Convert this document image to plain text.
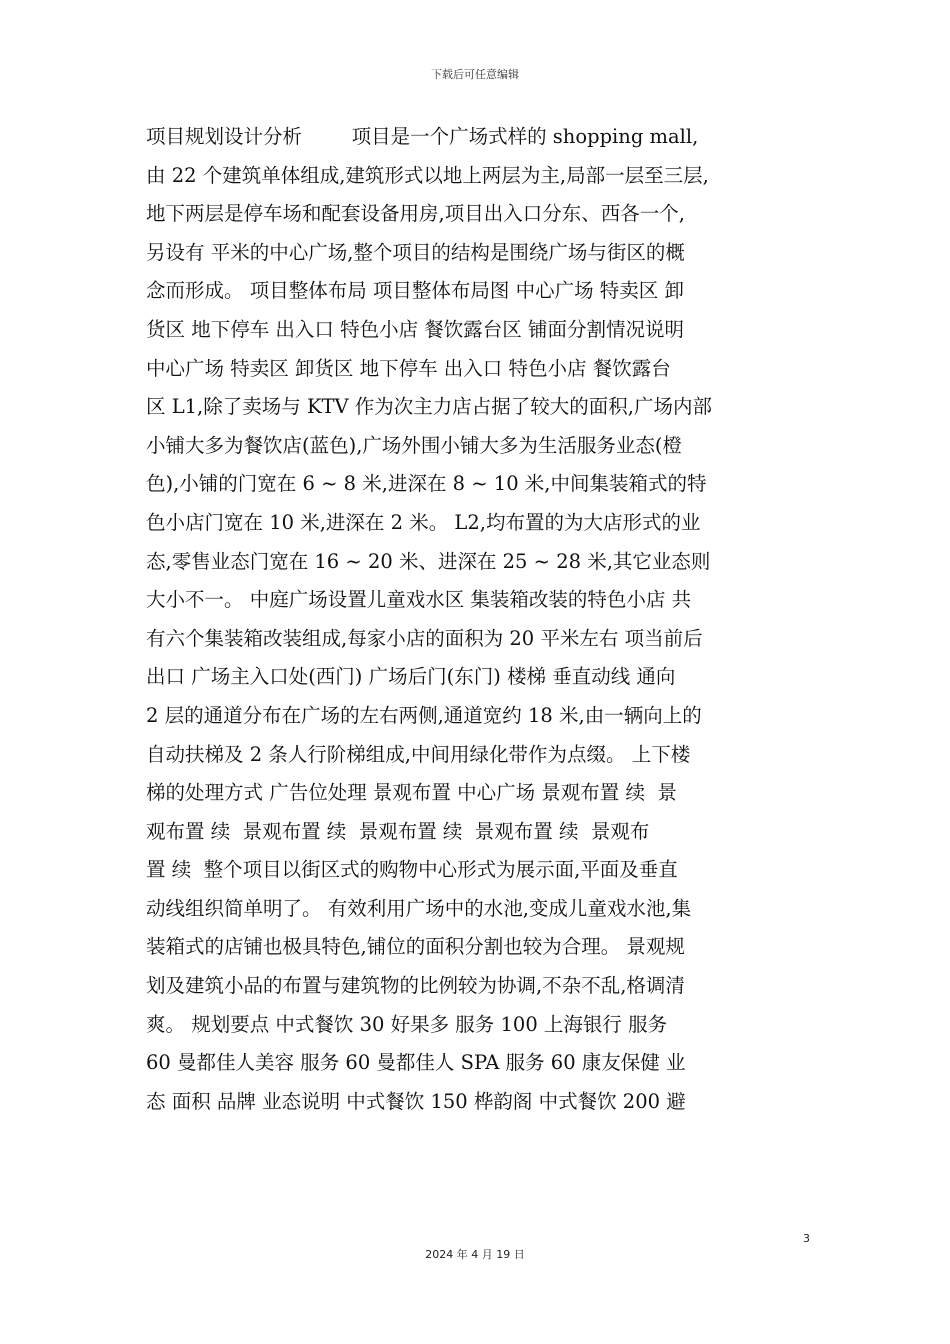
下载后可任意编辑
项目规划设计分析        项目是一个广场式样的 shopping mall,
由 22 个建筑单体组成,建筑形式以地上两层为主,局部一层至三层,
地下两层是停车场和配套设备用房,项目出入口分东、西各一个,
另设有 平米的中心广场,整个项目的结构是围绕广场与街区的概
念而形成。 项目整体布局 项目整体布局图 中心广场 特卖区 卸
货区 地下停车 出入口 特色小店 餐饮露台区 铺面分割情况说明
中心广场 特卖区 卸货区 地下停车 出入口 特色小店 餐饮露台
区 L1,除了卖场与 KTV 作为次主力店占据了较大的面积,广场内部
小铺大多为餐饮店(蓝色),广场外围小铺大多为生活服务业态(橙
色),小铺的门宽在 6 ~ 8 米,进深在 8 ~ 10 米,中间集装箱式的特
色小店门宽在 10 米,进深在 2 米。 L2,均布置的为大店形式的业
态,零售业态门宽在 16 ~ 20 米、进深在 25 ~ 28 米,其它业态则
大小不一。 中庭广场设置儿童戏水区 集装箱改装的特色小店 共
有六个集装箱改装组成,每家小店的面积为 20 平米左右 项当前后
出口 广场主入口处(西门) 广场后门(东门) 楼梯 垂直动线 通向
2 层的通道分布在广场的左右两侧,通道宽约 18 米,由一辆向上的
自动扶梯及 2 条人行阶梯组成,中间用绿化带作为点缀。 上下楼
梯的处理方式 广告位处理 景观布置 中心广场 景观布置 续  景
观布置 续  景观布置 续  景观布置 续  景观布置 续  景观布
置 续  整个项目以街区式的购物中心形式为展示面,平面及垂直
动线组织简单明了。 有效利用广场中的水池,变成儿童戏水池,集
装箱式的店铺也极具特色,铺位的面积分割也较为合理。 景观规
划及建筑小品的布置与建筑物的比例较为协调,不杂不乱,格调清
爽。 规划要点 中式餐饮 30 好果多 服务 100 上海银行 服务
60 曼都佳人美容 服务 60 曼都佳人 SPA 服务 60 康友保健 业
态 面积 品牌 业态说明 中式餐饮 150 桦韵阁 中式餐饮 200 避
3
2024 年 4 月 19 日
